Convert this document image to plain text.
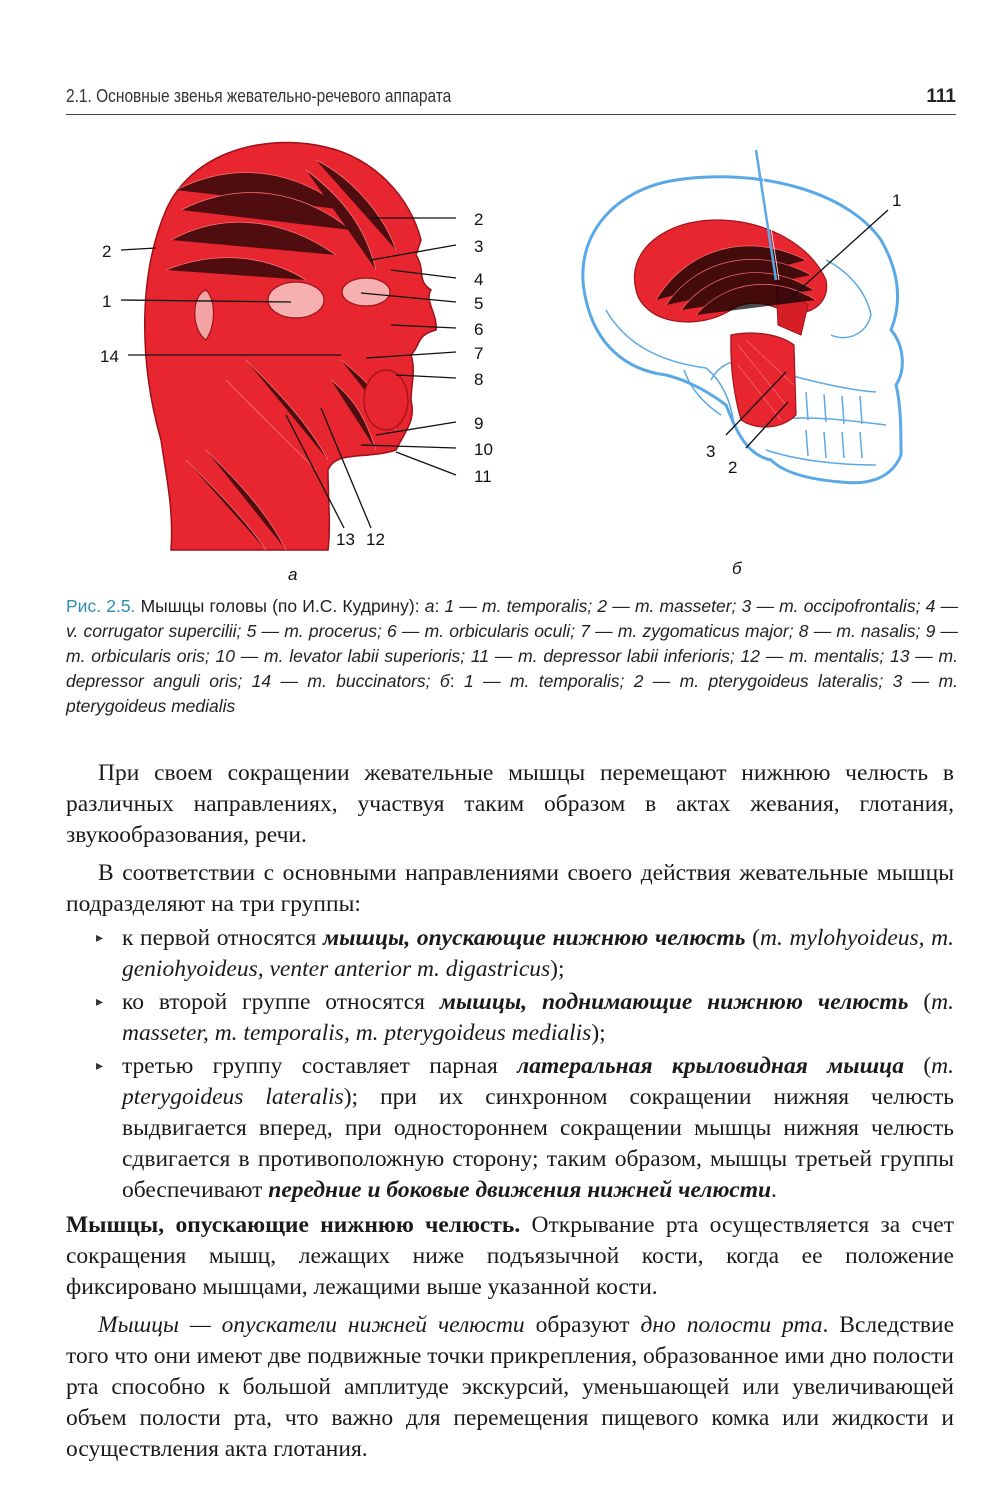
2.1. Основные звенья жевательно-речевого аппарата	111
2
1
14
2
3
4
5
6
7
8
9
10
11
13 12
а
1
3
2
б
Рис. 2.5. Мышцы головы (по И.С. Кудрину): а: 1 — m. temporalis; 2 — m. masseter; 3 — m. occipofrontalis; 4 — v. corrugator supercilii; 5 — m. procerus; 6 — m. orbicularis oculi; 7 — m. zygomaticus major; 8 — m. nasalis; 9 — m. orbicularis oris; 10 — m. levator labii superioris; 11 — m. depressor labii inferioris; 12 — m. mentalis; 13 — m. depressor anguli oris; 14 — m. buccinators; б: 1 — m. temporalis; 2 — m. pterygoideus lateralis; 3 — m. pterygoideus medialis

При своем сокращении жевательные мышцы перемещают нижнюю челюсть в различных направлениях, участвуя таким образом в актах жевания, глотания, звукообразования, речи.

В соответствии с основными направлениями своего действия жевательные мышцы подразделяют на три группы:

▸ к первой относятся мышцы, опускающие нижнюю челюсть (m. mylohyoideus, m. geniohyoideus, venter anterior m. digastricus);
▸ ко второй группе относятся мышцы, поднимающие нижнюю челюсть (m. masseter, m. temporalis, m. pterygoideus medialis);
▸ третью группу составляет парная латеральная крыловидная мышца (m. pterygoideus lateralis); при их синхронном сокращении нижняя челюсть выдвигается вперед, при одностороннем сокращении мышцы нижняя челюсть сдвигается в противоположную сторону; таким образом, мышцы третьей группы обеспечивают передние и боковые движения нижней челюсти.

Мышцы, опускающие нижнюю челюсть. Открывание рта осуществляется за счет сокращения мышц, лежащих ниже подъязычной кости, когда ее положение фиксировано мышцами, лежащими выше указанной кости.

Мышцы — опускатели нижней челюсти образуют дно полости рта. Вследствие того что они имеют две подвижные точки прикрепления, образованное ими дно полости рта способно к большой амплитуде экскурсий, уменьшающей или увеличивающей объем полости рта, что важно для перемещения пищевого комка или жидкости и осуществления акта глотания.
